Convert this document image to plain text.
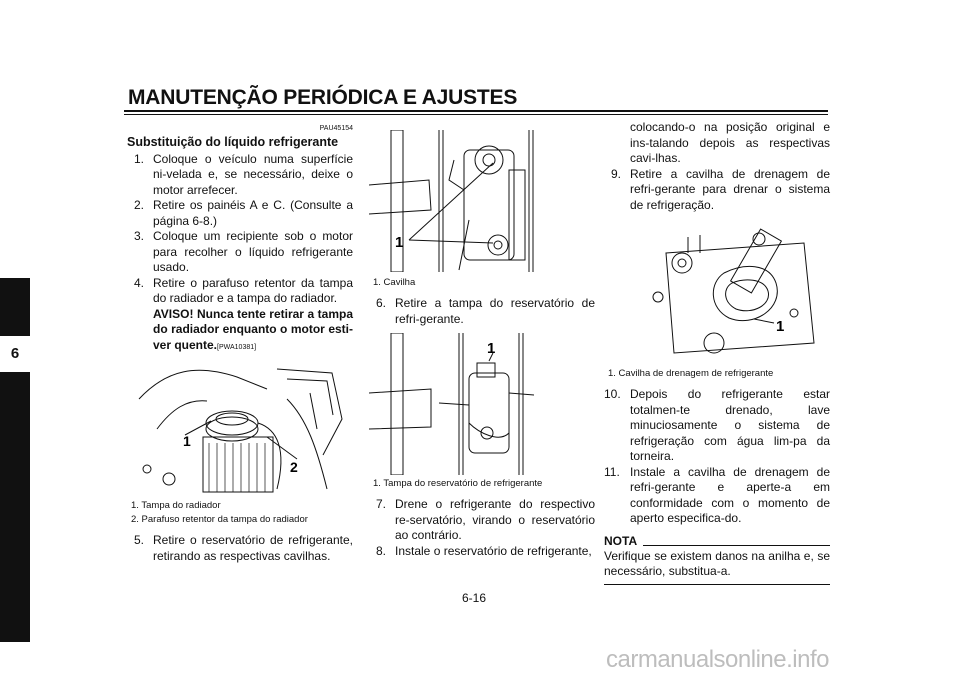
MANUTENÇÃO PERIÓDICA E AJUSTES
6
PAU45154
Substituição do líquido refrigerante
1. Coloque o veículo numa superfície ni-velada e, se necessário, deixe o motor arrefecer.
2. Retire os painéis A e C. (Consulte a página 6-8.)
3. Coloque um recipiente sob o motor para recolher o líquido refrigerante usado.
4. Retire o parafuso retentor da tampa do radiador e a tampa do radiador.
AVISO! Nunca tente retirar a tampa do radiador enquanto o motor esti-ver quente.[PWA10381]
1
2
1. Tampa do radiador
2. Parafuso retentor da tampa do radiador
5. Retire o reservatório de refrigerante, retirando as respectivas cavilhas.
1
1. Cavilha
6. Retire a tampa do reservatório de refri-gerante.
1
1. Tampa do reservatório de refrigerante
7. Drene o refrigerante do respectivo re-servatório, virando o reservatório ao contrário.
8. Instale o reservatório de refrigerante,
colocando-o na posição original e ins-talando depois as respectivas cavi-lhas.
9. Retire a cavilha de drenagem de refri-gerante para drenar o sistema de refrigeração.
1
1. Cavilha de drenagem de refrigerante
10. Depois do refrigerante estar totalmen-te drenado, lave minuciosamente o sistema de refrigeração com água lim-pa da torneira.
11. Instale a cavilha de drenagem de refri-gerante e aperte-a em conformidade com o momento de aperto especifica-do.
NOTA
Verifique se existem danos na anilha e, se necessário, substitua-a.
6-16
carmanualsonline.info
